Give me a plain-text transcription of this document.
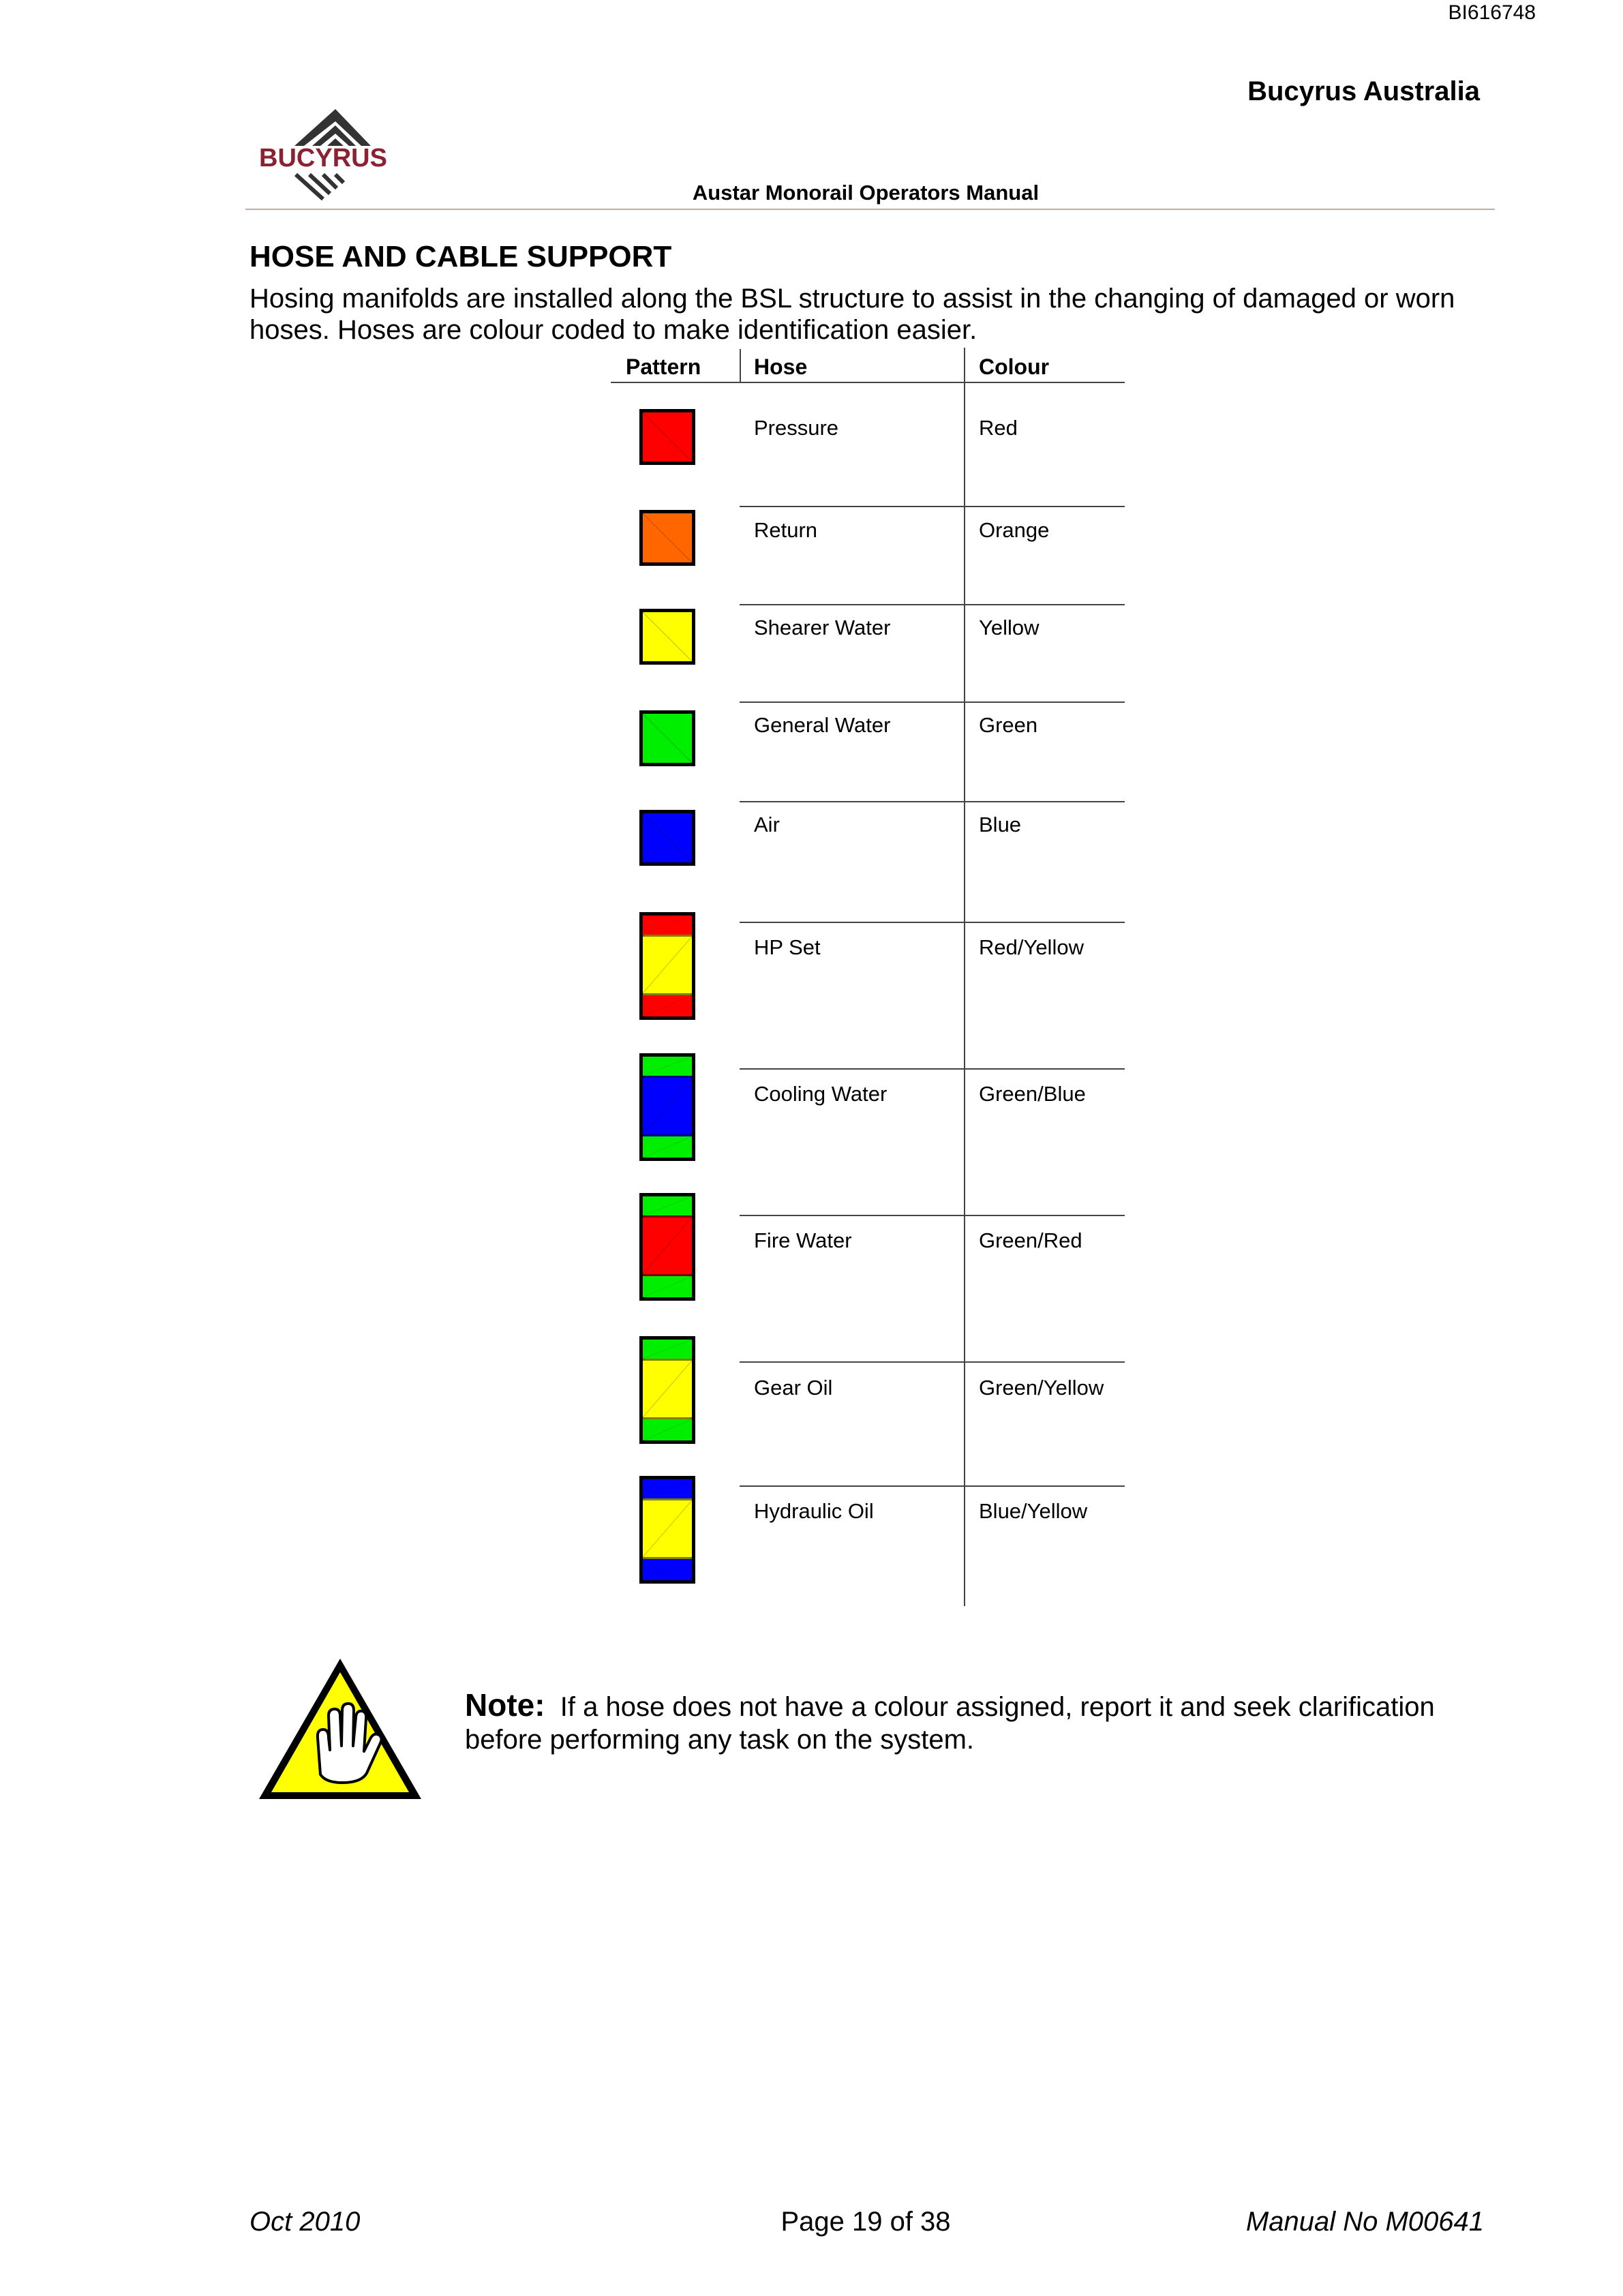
BI616748
Bucyrus Australia
BUCYRUS
Austar Monorail Operators Manual
HOSE AND CABLE SUPPORT
Hosing manifolds are installed along the BSL structure to assist in the changing of damaged or worn hoses. Hoses are colour coded to make identification easier.
Pattern Hose	Colour
Pressure	Red
Return	Orange
Shearer Water	Yellow
General Water	Green
Air	Blue
HP Set	Red/Yellow
Cooling Water	Green/Blue
Fire Water	Green/Red
Gear Oil	Green/Yellow
Hydraulic Oil	Blue/Yellow
Note: If a hose does not have a colour assigned, report it and seek clarification before performing any task on the system.
Oct 2010	Page 19 of 38	Manual No M00641
